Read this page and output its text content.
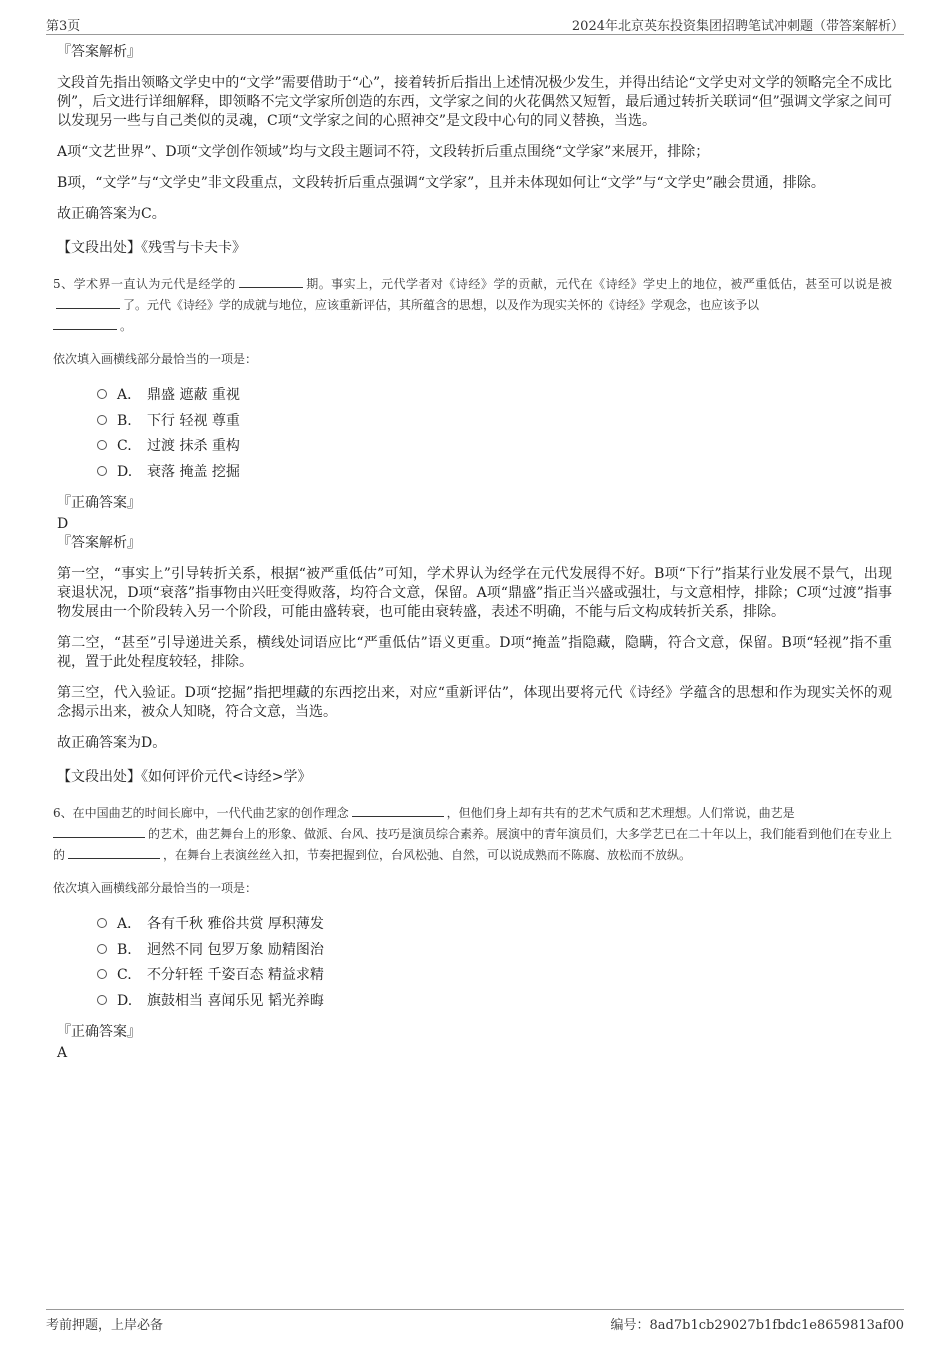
第3页	2024年北京英东投资集团招聘笔试冲刺题（带答案解析）
『答案解析』

文段首先指出领略文学史中的“文学”需要借助于“心”，接着转折后指出上述情况极少发生，并得出结论“文学史对文学的领略完全不成比例”，后文进行详细解释，即领略不完文学家所创造的东西，文学家之间的火花偶然又短暂，最后通过转折关联词“但”强调文学家之间可以发现另一些与自己类似的灵魂，C项“文学家之间的心照神交”是文段中心句的同义替换，当选。

A项“文艺世界”、D项“文学创作领域”均与文段主题词不符，文段转折后重点围绕“文学家”来展开，排除；

B项，“文学”与“文学史”非文段重点，文段转折后重点强调“文学家”，且并未体现如何让“文学”与“文学史”融会贯通，排除。

故正确答案为C。

【文段出处】《残雪与卡夫卡》

5、学术界一直认为元代是经学的	期。事实上，元代学者对《诗经》学的贡献，元代在《诗经》学史上的地位，被严重低估，甚至可以说是被了。元代《诗经》学的成就与地位，应该重新评估，其所蕴含的思想，以及作为现实关怀的《诗经》学观念，也应该予以
。

依次填入画横线部分最恰当的一项是：

A． 鼎盛 遮蔽 重视
B. 下行 轻视 尊重
C. 过渡 抹杀 重构
D. 衰落 掩盖 挖掘
『正确答案』
D
『答案解析』

第一空，“事实上”引导转折关系，根据“被严重低估”可知，学术界认为经学在元代发展得不好。B项“下行”指某行业发展不景气，出现衰退状况，D项“衰落”指事物由兴旺变得败落，均符合文意，保留。A项“鼎盛”指正当兴盛或强壮，与文意相悖，排除；C项“过渡”指事物发展由一个阶段转入另一个阶段，可能由盛转衰，也可能由衰转盛，表述不明确，不能与后文构成转折关系，排除。

第二空，“甚至”引导递进关系，横线处词语应比“严重低估”语义更重。D项“掩盖”指隐藏，隐瞒，符合文意，保留。B项“轻视”指不重视，置于此处程度较轻，排除。

第三空，代入验证。D项“挖掘”指把埋藏的东西挖出来，对应“重新评估”，体现出要将元代《诗经》学蕴含的思想和作为现实关怀的观念揭示出来，被众人知晓，符合文意，当选。

故正确答案为D。

【文段出处】《如何评价元代<诗经>学》

6、在中国曲艺的时间长廊中，一代代曲艺家的创作理念	，但他们身上却有共有的艺术气质和艺术理想。人们常说，曲艺是
的艺术，曲艺舞台上的形象、做派、台风、技巧是演员综合素养。展演中的青年演员们，大多学艺已在二十年以上，我们能看到他们在专业上的	，在舞台上表演丝丝入扣，节奏把握到位，台风松弛、自然，可以说成熟而不陈腐、放松而不放纵。

依次填入画横线部分最恰当的一项是：

A． 各有千秋 雅俗共赏 厚积薄发
B. 迥然不同 包罗万象 励精图治
C. 不分轩轾 千姿百态 精益求精
D. 旗鼓相当 喜闻乐见 韬光养晦
『正确答案』
A
考前押题，上岸必备	编号：8ad7b1cb29027b1fbdc1e8659813af00
